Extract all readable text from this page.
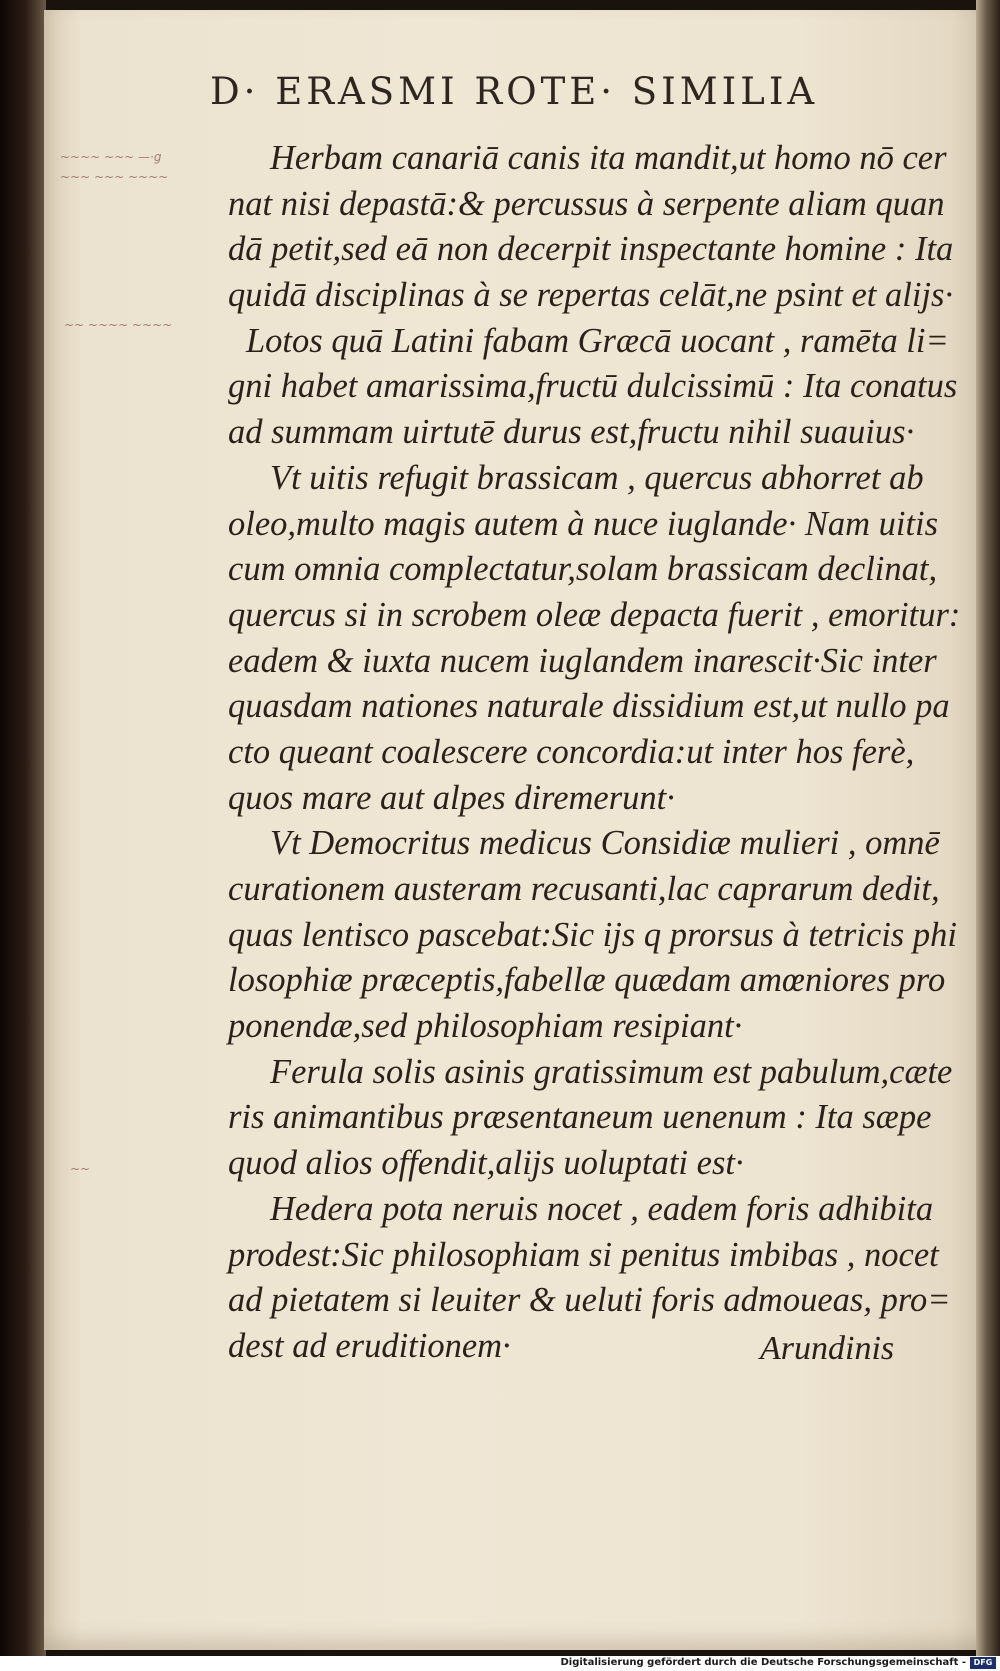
D· ERASMI ROTE· SIMILIA
~~~~ ~~~ —·g
~~~ ~~~ ~~~~
~~ ~~~~ ~~~~
~~
Herbam canariā canis ita mandit,ut homo nō cer
nat nisi depastā:& percussus à serpente aliam quan
dā petit,sed eā non decerpit inspectante homine : Ita
quidā disciplinas à se repertas celāt,ne psint et alijs·
Lotos quā Latini fabam Græcā uocant , ramēta li=
gni habet amarissima,fructū dulcissimū : Ita conatus
ad summam uirtutē durus est,fructu nihil suauius·
Vt uitis refugit brassicam , quercus abhorret ab
oleo,multo magis autem à nuce iuglande· Nam uitis
cum omnia complectatur,solam brassicam declinat,
quercus si in scrobem oleæ depacta fuerit , emoritur:
eadem & iuxta nucem iuglandem inarescit·Sic inter
quasdam nationes naturale dissidium est,ut nullo pa
cto queant coalescere concordia:ut inter hos ferè,
quos mare aut alpes diremerunt·
Vt Democritus medicus Considiæ mulieri , omnē
curationem austeram recusanti,lac caprarum dedit,
quas lentisco pascebat:Sic ijs q prorsus à tetricis phi
losophiæ præceptis,fabellæ quædam amœniores pro
ponendæ,sed philosophiam resipiant·
Ferula solis asinis gratissimum est pabulum,cæte
ris animantibus præsentaneum uenenum : Ita sæpe
quod alios offendit,alijs uoluptati est·
Hedera pota neruis nocet , eadem foris adhibita
prodest:Sic philosophiam si penitus imbibas , nocet
ad pietatem si leuiter & ueluti foris admoueas, pro=
dest ad eruditionem·	Arundinis
Digitalisierung gefördert durch die Deutsche Forschungsgemeinschaft - DFG
